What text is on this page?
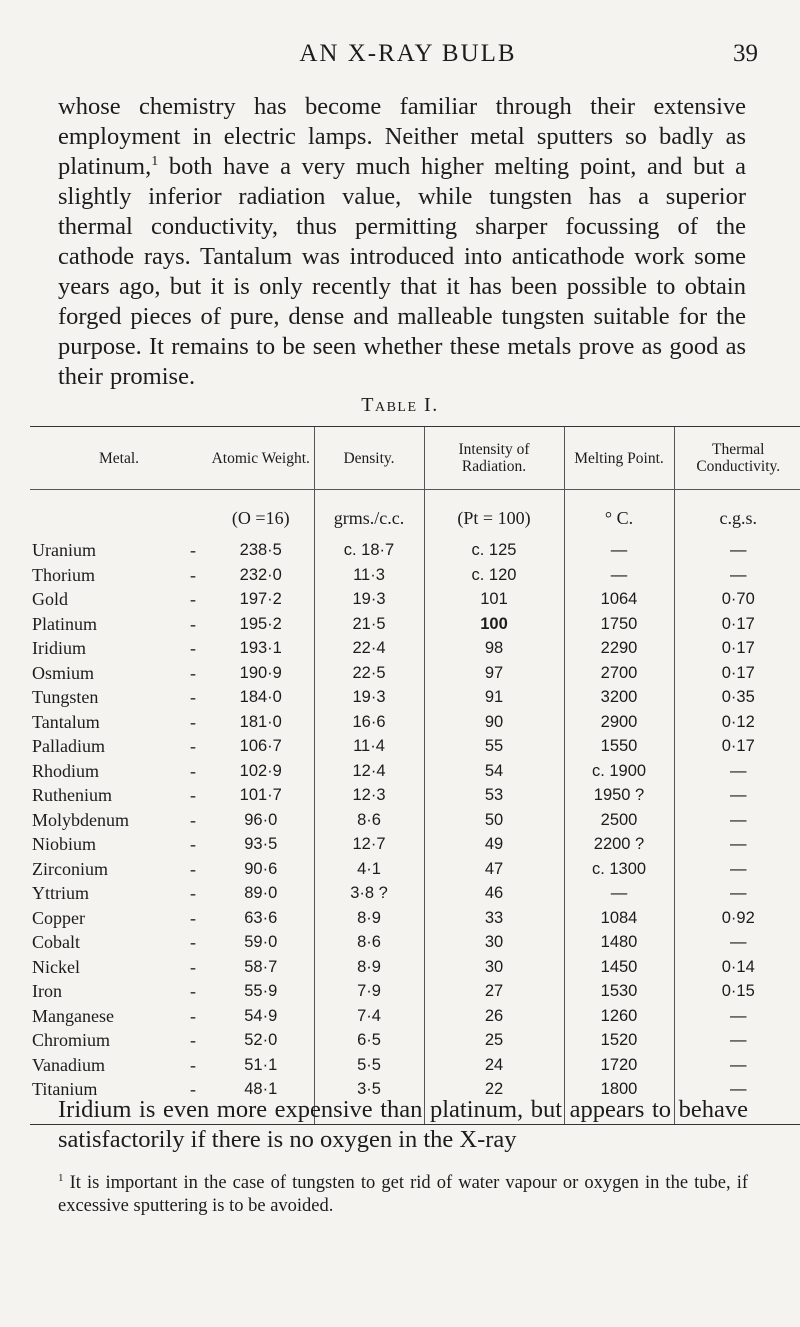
AN X-RAY BULB	39

whose chemistry has become familiar through their extensive employment in electric lamps. Neither metal sputters so badly as platinum,$^1$ both have a very much higher melting point, and but a slightly inferior radiation value, while tungsten has a superior thermal conductivity, thus permitting sharper focussing of the cathode rays. Tantalum was introduced into anticathode work some years ago, but it is only recently that it has been possible to obtain forged pieces of pure, dense and malleable tungsten suitable for the purpose. It remains to be seen whether these metals prove as good as their promise.

Table I.
Metal.	Atomic Weight.	Density.	Intensity of Radiation.	Melting Point.	Thermal Conductivity.
	(O =16)	grms./c.c.	(Pt = 100)	° C.	c.g.s.
Uranium -	238·5	c. 18·7	c. 125	—	—
Thorium -	232·0	11·3	c. 120	—	—
Gold -	197·2	19·3	101	1064	0·70
Platinum -	195·2	21·5	100	1750	0·17
Iridium -	193·1	22·4	98	2290	0·17
Osmium -	190·9	22·5	97	2700	0·17
Tungsten -	184·0	19·3	91	3200	0·35
Tantalum -	181·0	16·6	90	2900	0·12
Palladium -	106·7	11·4	55	1550	0·17
Rhodium -	102·9	12·4	54	c. 1900	—
Ruthenium -	101·7	12·3	53	1950 ?	—
Molybdenum -	96·0	8·6	50	2500	—
Niobium -	93·5	12·7	49	2200 ?	—
Zirconium -	90·6	4·1	47	c. 1300	—
Yttrium -	89·0	3·8 ?	46	—	—
Copper -	63·6	8·9	33	1084	0·92
Cobalt -	59·0	8·6	30	1480	—
Nickel -	58·7	8·9	30	1450	0·14
Iron -	55·9	7·9	27	1530	0·15
Manganese -	54·9	7·4	26	1260	—
Chromium -	52·0	6·5	25	1520	—
Vanadium -	51·1	5·5	24	1720	—
Titanium -	48·1	3·5	22	1800	—
Iridium is even more expensive than platinum, but appears to behave satisfactorily if there is no oxygen in the X-ray
$^1$ It is important in the case of tungsten to get rid of water vapour or oxygen in the tube, if excessive sputtering is to be avoided.
